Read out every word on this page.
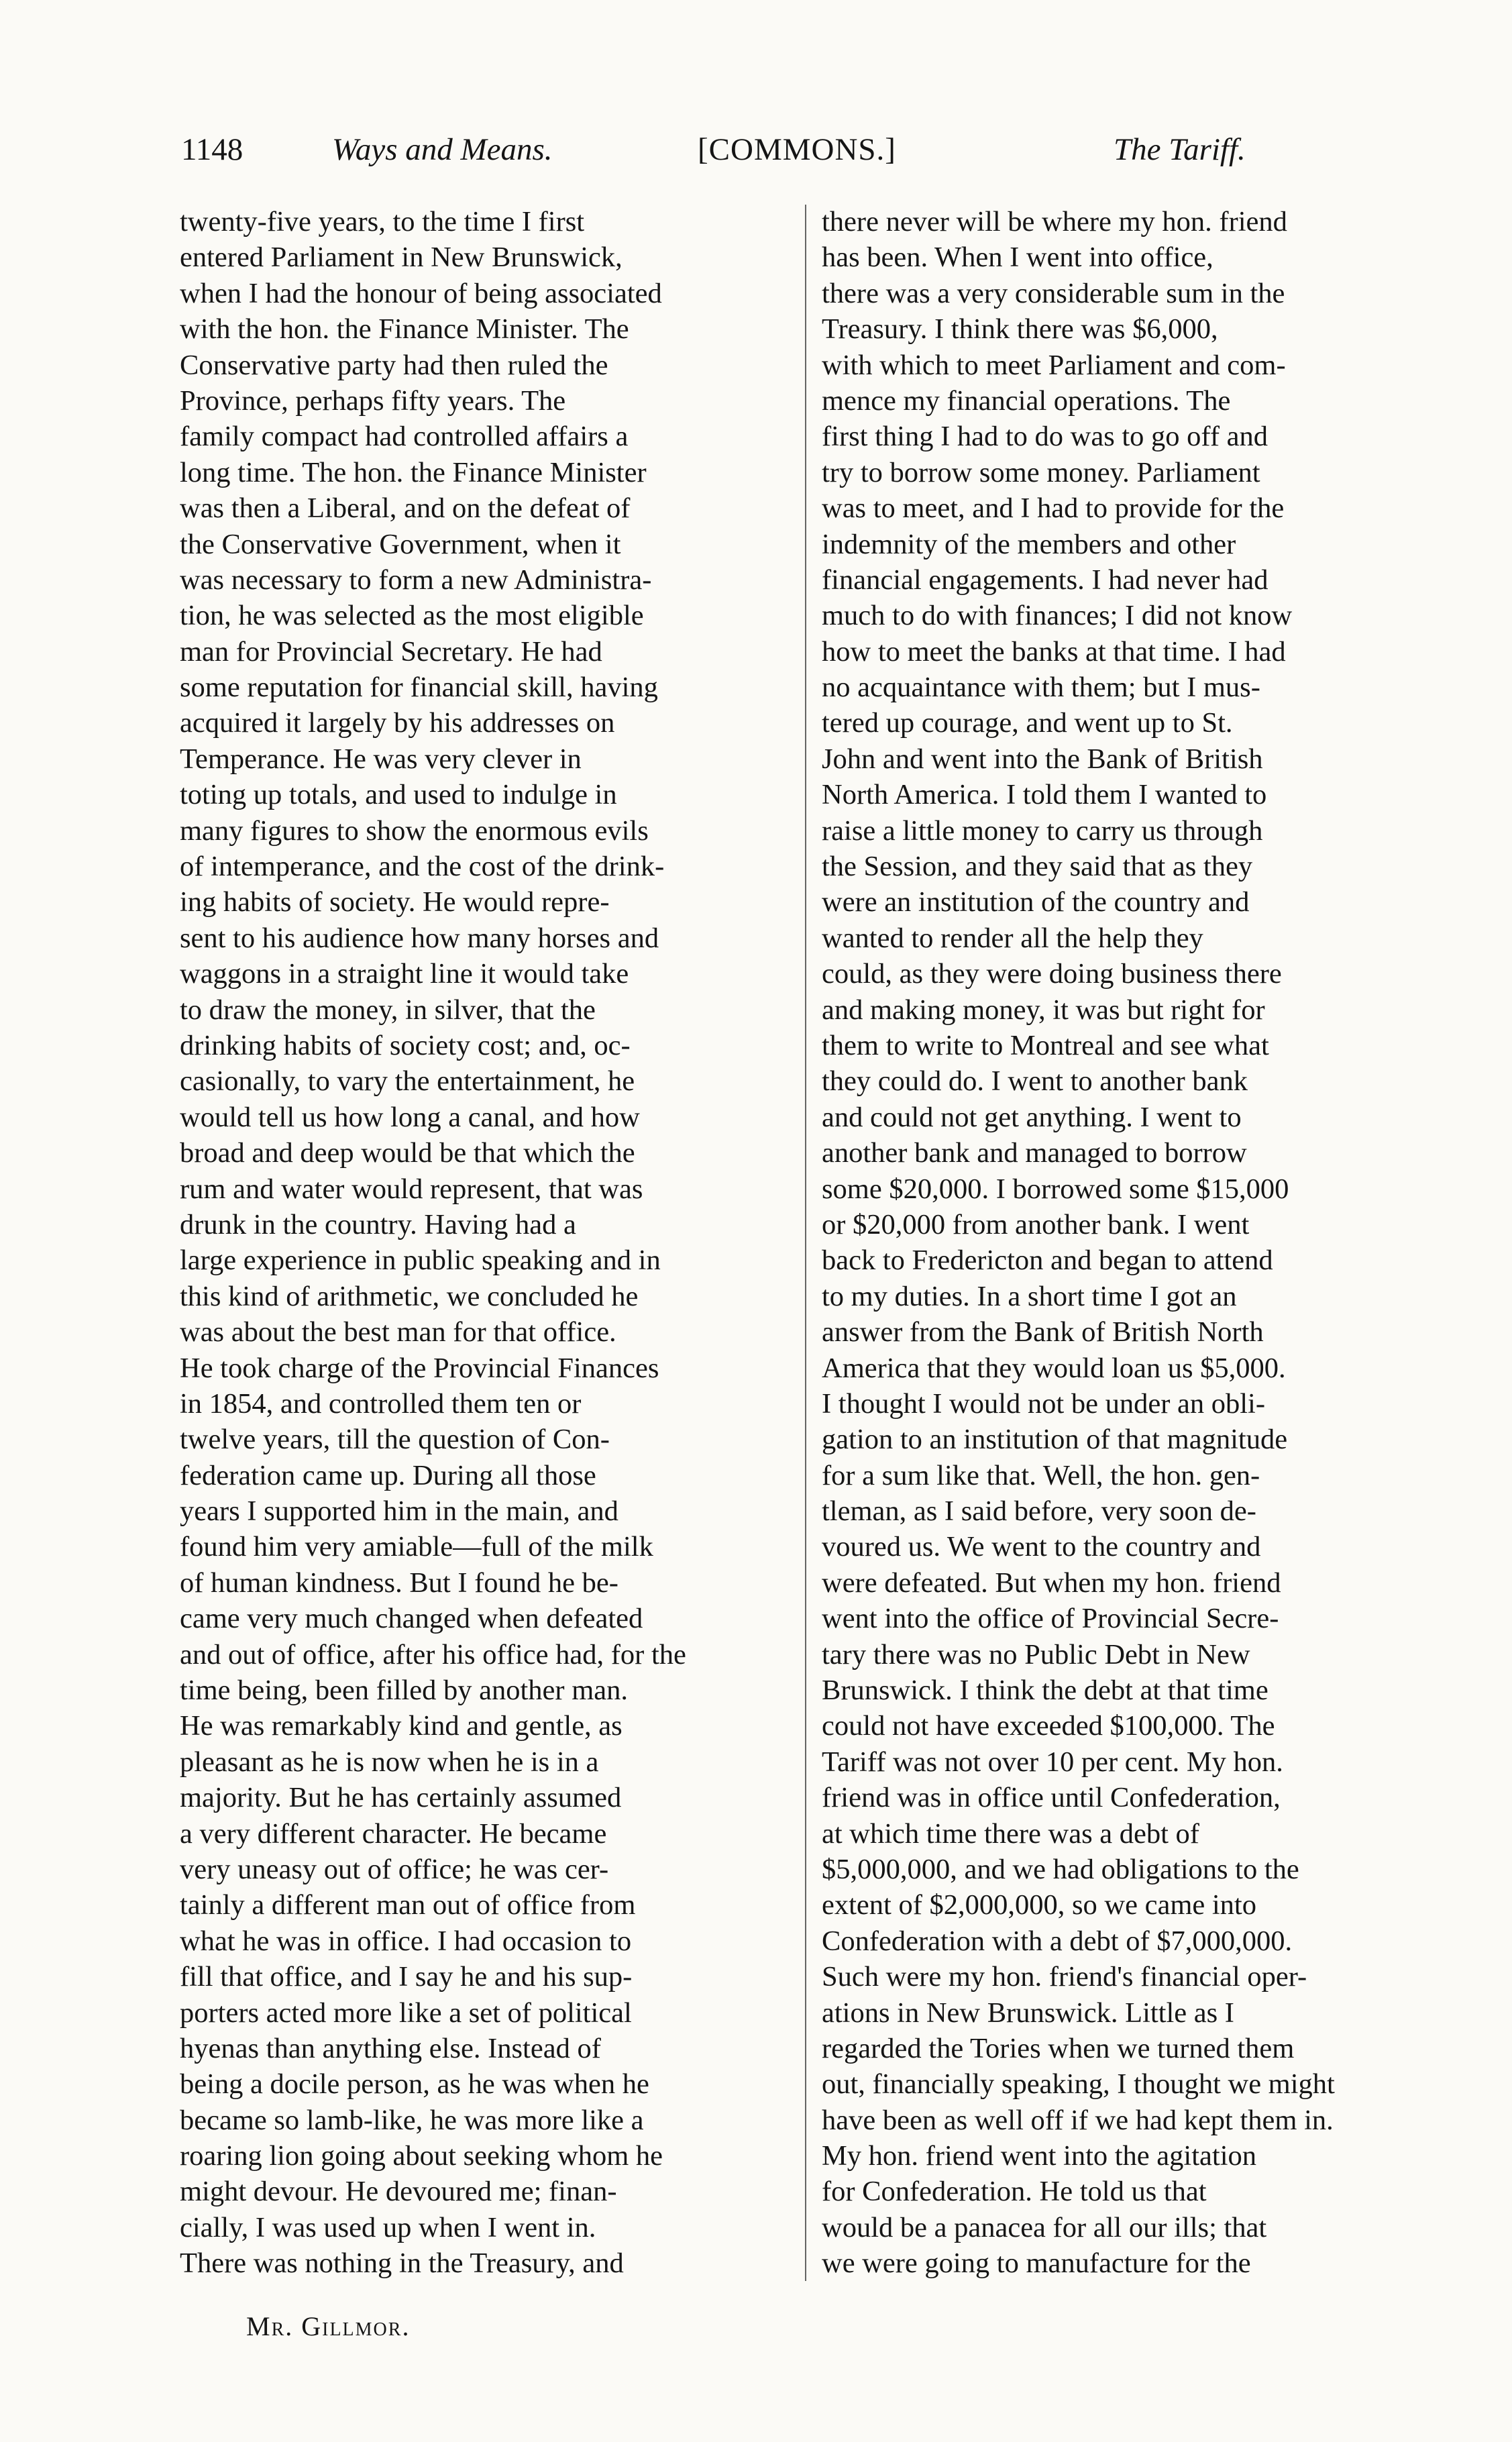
1148	Ways and Means.	[COMMONS.]	The Tariff.
twenty-five years, to the time I first
entered Parliament in New Brunswick,
when I had the honour of being associated
with the hon. the Finance Minister. The
Conservative party had then ruled the
Province, perhaps fifty years. The
family compact had controlled affairs a
long time. The hon. the Finance Minister
was then a Liberal, and on the defeat of
the Conservative Government, when it
was necessary to form a new Administra-
tion, he was selected as the most eligible
man for Provincial Secretary. He had
some reputation for financial skill, having
acquired it largely by his addresses on
Temperance. He was very clever in
toting up totals, and used to indulge in
many figures to show the enormous evils
of intemperance, and the cost of the drink-
ing habits of society. He would repre-
sent to his audience how many horses and
waggons in a straight line it would take
to draw the money, in silver, that the
drinking habits of society cost; and, oc-
casionally, to vary the entertainment, he
would tell us how long a canal, and how
broad and deep would be that which the
rum and water would represent, that was
drunk in the country. Having had a
large experience in public speaking and in
this kind of arithmetic, we concluded he
was about the best man for that office.
He took charge of the Provincial Finances
in 1854, and controlled them ten or
twelve years, till the question of Con-
federation came up. During all those
years I supported him in the main, and
found him very amiable—full of the milk
of human kindness. But I found he be-
came very much changed when defeated
and out of office, after his office had, for the
time being, been filled by another man.
He was remarkably kind and gentle, as
pleasant as he is now when he is in a
majority. But he has certainly assumed
a very different character. He became
very uneasy out of office; he was cer-
tainly a different man out of office from
what he was in office. I had occasion to
fill that office, and I say he and his sup-
porters acted more like a set of political
hyenas than anything else. Instead of
being a docile person, as he was when he
became so lamb-like, he was more like a
roaring lion going about seeking whom he
might devour. He devoured me; finan-
cially, I was used up when I went in.
There was nothing in the Treasury, and
there never will be where my hon. friend
has been. When I went into office,
there was a very considerable sum in the
Treasury. I think there was $6,000,
with which to meet Parliament and com-
mence my financial operations. The
first thing I had to do was to go off and
try to borrow some money. Parliament
was to meet, and I had to provide for the
indemnity of the members and other
financial engagements. I had never had
much to do with finances; I did not know
how to meet the banks at that time. I had
no acquaintance with them; but I mus-
tered up courage, and went up to St.
John and went into the Bank of British
North America. I told them I wanted to
raise a little money to carry us through
the Session, and they said that as they
were an institution of the country and
wanted to render all the help they
could, as they were doing business there
and making money, it was but right for
them to write to Montreal and see what
they could do. I went to another bank
and could not get anything. I went to
another bank and managed to borrow
some $20,000. I borrowed some $15,000
or $20,000 from another bank. I went
back to Fredericton and began to attend
to my duties. In a short time I got an
answer from the Bank of British North
America that they would loan us $5,000.
I thought I would not be under an obli-
gation to an institution of that magnitude
for a sum like that. Well, the hon. gen-
tleman, as I said before, very soon de-
voured us. We went to the country and
were defeated. But when my hon. friend
went into the office of Provincial Secre-
tary there was no Public Debt in New
Brunswick. I think the debt at that time
could not have exceeded $100,000. The
Tariff was not over 10 per cent. My hon.
friend was in office until Confederation,
at which time there was a debt of
$5,000,000, and we had obligations to the
extent of $2,000,000, so we came into
Confederation with a debt of $7,000,000.
Such were my hon. friend's financial oper-
ations in New Brunswick. Little as I
regarded the Tories when we turned them
out, financially speaking, I thought we might
have been as well off if we had kept them in.
My hon. friend went into the agitation
for Confederation. He told us that
would be a panacea for all our ills; that
we were going to manufacture for the
Mr. Gillmor.
